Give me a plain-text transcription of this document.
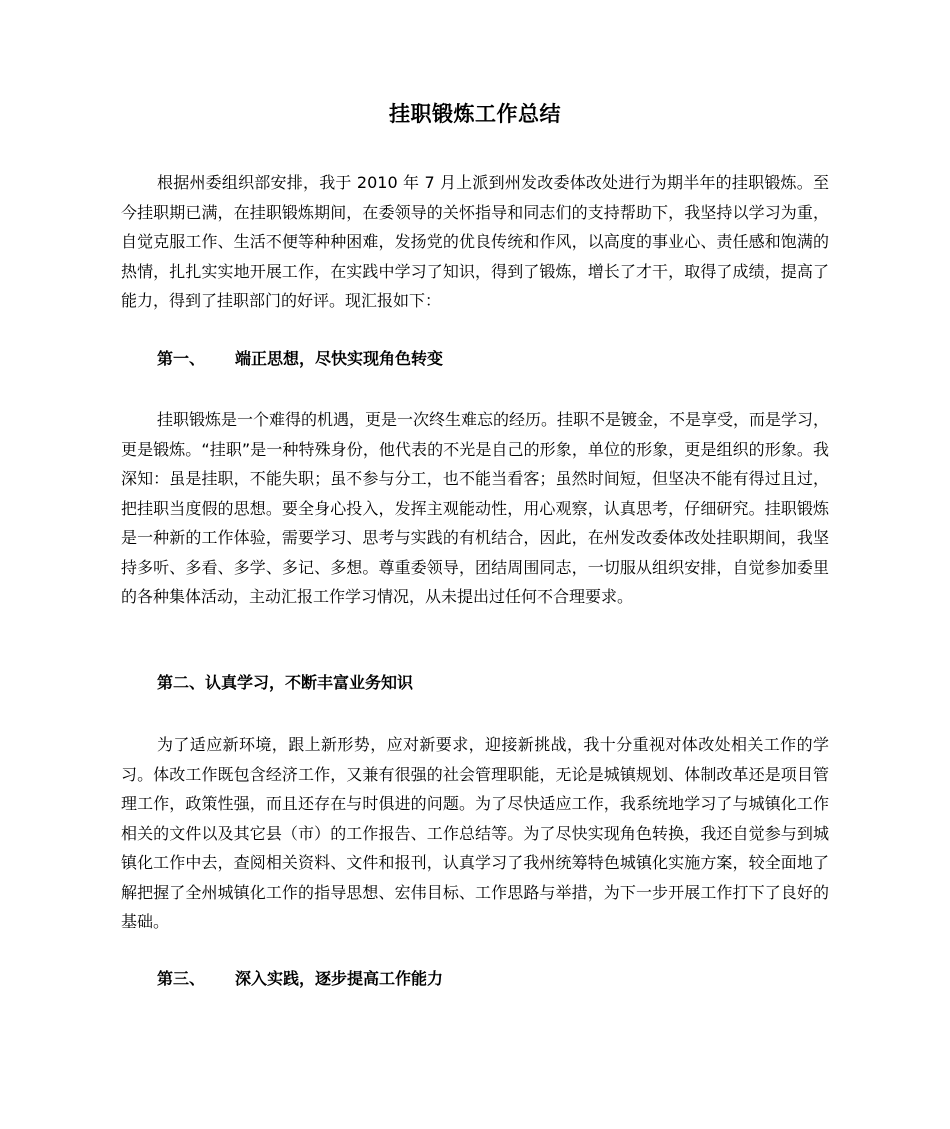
挂职锻炼工作总结

根据州委组织部安排，我于 2010 年 7 月上派到州发改委体改处进行为期半年的挂职锻炼。至今挂职期已满，在挂职锻炼期间，在委领导的关怀指导和同志们的支持帮助下，我坚持以学习为重，自觉克服工作、生活不便等种种困难，发扬党的优良传统和作风，以高度的事业心、责任感和饱满的热情，扎扎实实地开展工作，在实践中学习了知识，得到了锻炼，增长了才干，取得了成绩，提高了能力，得到了挂职部门的好评。现汇报如下：

第一、 端正思想，尽快实现角色转变

挂职锻炼是一个难得的机遇，更是一次终生难忘的经历。挂职不是镀金，不是享受，而是学习，更是锻炼。“挂职”是一种特殊身份，他代表的不光是自己的形象，单位的形象，更是组织的形象。我深知：虽是挂职，不能失职；虽不参与分工，也不能当看客；虽然时间短，但坚决不能有得过且过，把挂职当度假的思想。要全身心投入，发挥主观能动性，用心观察，认真思考，仔细研究。挂职锻炼是一种新的工作体验，需要学习、思考与实践的有机结合，因此，在州发改委体改处挂职期间，我坚持多听、多看、多学、多记、多想。尊重委领导，团结周围同志，一切服从组织安排，自觉参加委里的各种集体活动，主动汇报工作学习情况，从未提出过任何不合理要求。

第二、认真学习，不断丰富业务知识

为了适应新环境，跟上新形势，应对新要求，迎接新挑战，我十分重视对体改处相关工作的学习。体改工作既包含经济工作，又兼有很强的社会管理职能，无论是城镇规划、体制改革还是项目管理工作，政策性强，而且还存在与时俱进的问题。为了尽快适应工作，我系统地学习了与城镇化工作相关的文件以及其它县（市）的工作报告、工作总结等。为了尽快实现角色转换，我还自觉参与到城镇化工作中去，查阅相关资料、文件和报刊，认真学习了我州统筹特色城镇化实施方案，较全面地了解把握了全州城镇化工作的指导思想、宏伟目标、工作思路与举措，为下一步开展工作打下了良好的基础。

第三、 深入实践，逐步提高工作能力
